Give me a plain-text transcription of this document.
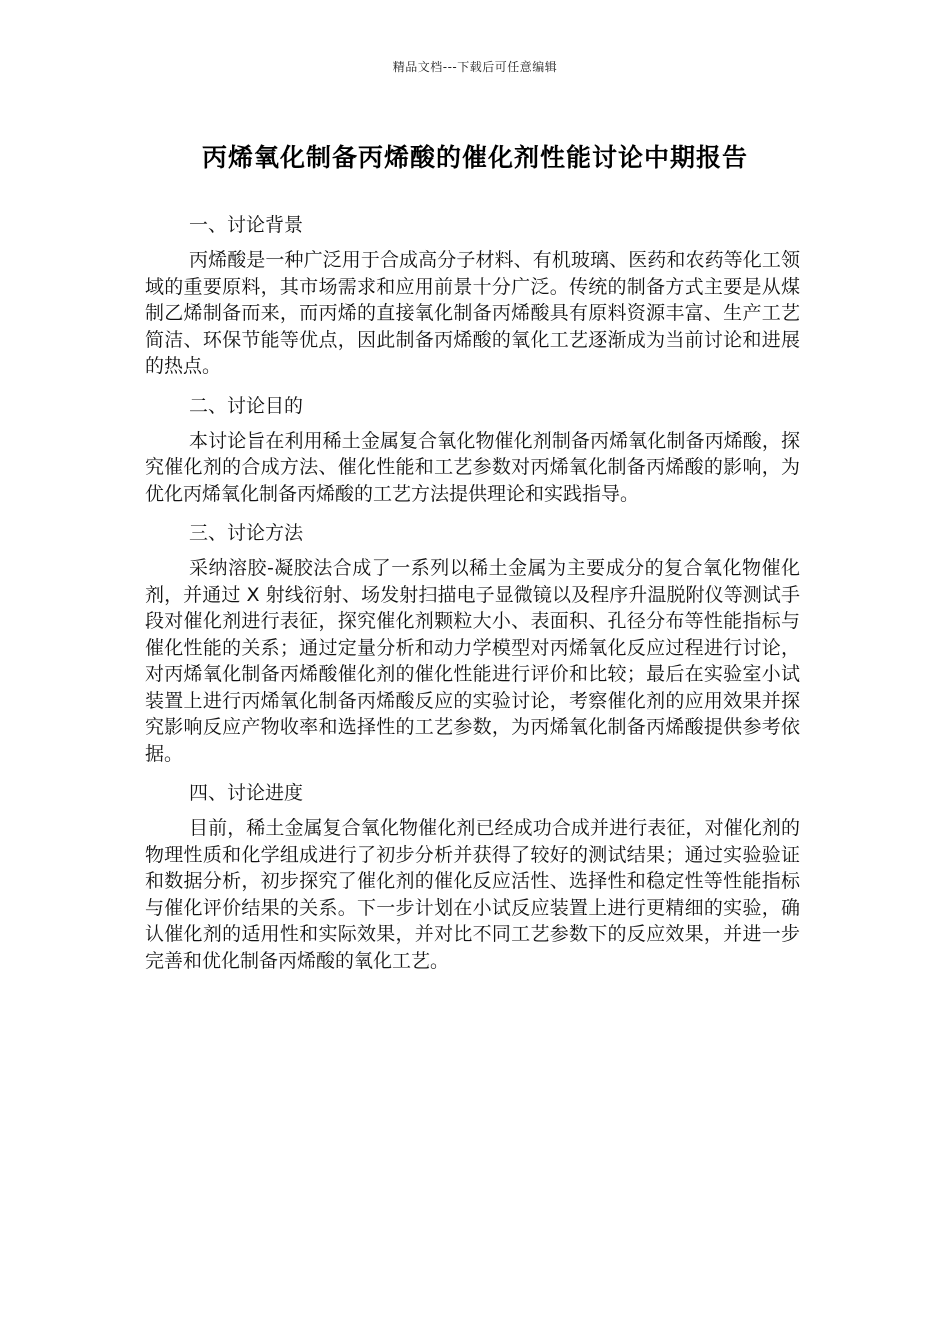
精品文档---下载后可任意编辑
丙烯氧化制备丙烯酸的催化剂性能讨论中期报告
一、讨论背景

丙烯酸是一种广泛用于合成高分子材料、有机玻璃、医药和农药等化工领域的重要原料，其市场需求和应用前景十分广泛。传统的制备方式主要是从煤制乙烯制备而来，而丙烯的直接氧化制备丙烯酸具有原料资源丰富、生产工艺简洁、环保节能等优点，因此制备丙烯酸的氧化工艺逐渐成为当前讨论和进展的热点。

二、讨论目的

本讨论旨在利用稀土金属复合氧化物催化剂制备丙烯氧化制备丙烯酸，探究催化剂的合成方法、催化性能和工艺参数对丙烯氧化制备丙烯酸的影响，为优化丙烯氧化制备丙烯酸的工艺方法提供理论和实践指导。

三、讨论方法

采纳溶胶-凝胶法合成了一系列以稀土金属为主要成分的复合氧化物催化剂，并通过 X 射线衍射、场发射扫描电子显微镜以及程序升温脱附仪等测试手段对催化剂进行表征，探究催化剂颗粒大小、表面积、孔径分布等性能指标与催化性能的关系；通过定量分析和动力学模型对丙烯氧化反应过程进行讨论，对丙烯氧化制备丙烯酸催化剂的催化性能进行评价和比较；最后在实验室小试装置上进行丙烯氧化制备丙烯酸反应的实验讨论，考察催化剂的应用效果并探究影响反应产物收率和选择性的工艺参数，为丙烯氧化制备丙烯酸提供参考依据。

四、讨论进度

目前，稀土金属复合氧化物催化剂已经成功合成并进行表征，对催化剂的物理性质和化学组成进行了初步分析并获得了较好的测试结果；通过实验验证和数据分析，初步探究了催化剂的催化反应活性、选择性和稳定性等性能指标与催化评价结果的关系。下一步计划在小试反应装置上进行更精细的实验，确认催化剂的适用性和实际效果，并对比不同工艺参数下的反应效果，并进一步完善和优化制备丙烯酸的氧化工艺。
